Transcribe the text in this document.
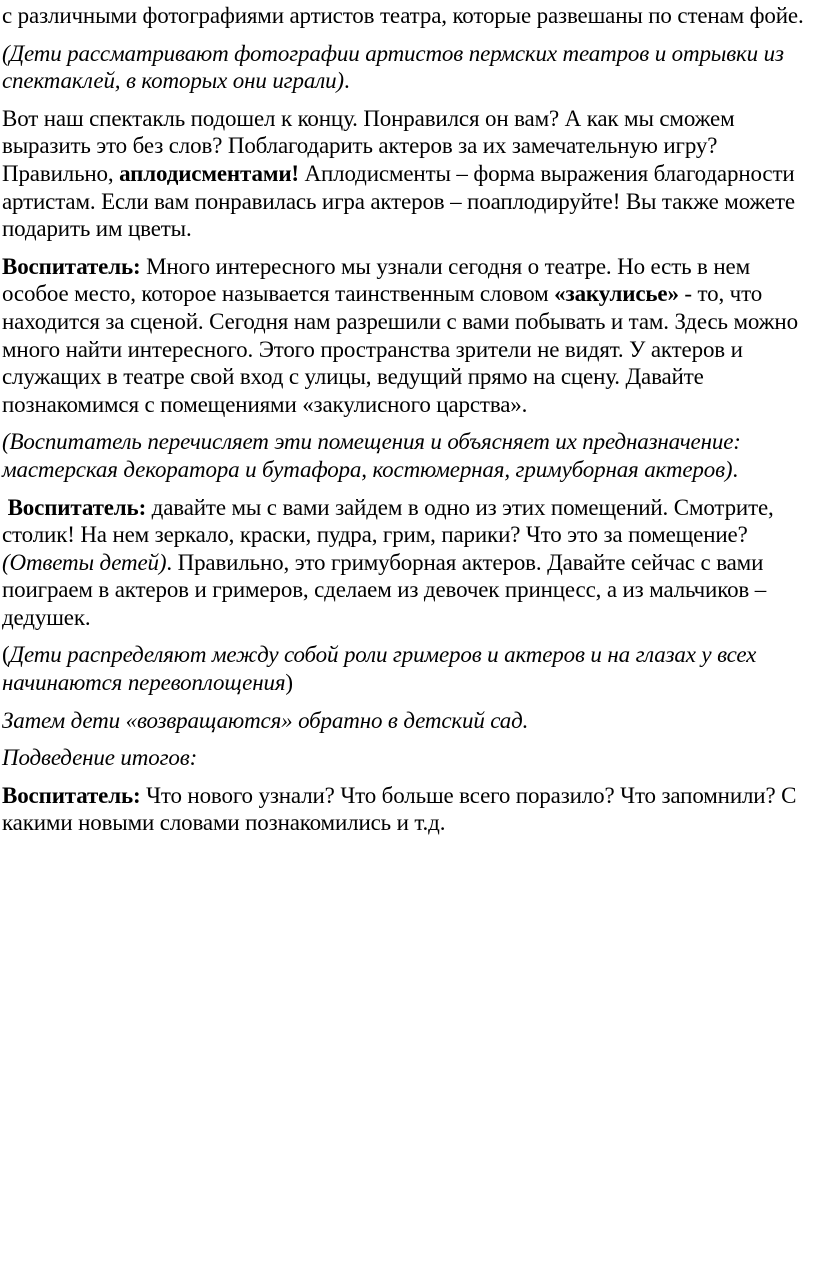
с различными фотографиями артистов театра, которые развешаны по стенам фойе.

(Дети рассматривают фотографии артистов пермских театров и отрывки из спектаклей, в которых они играли).

Вот наш спектакль подошел к концу. Понравился он вам? А как мы сможем выразить это без слов? Поблагодарить актеров за их замечательную игру? Правильно, аплодисментами! Аплодисменты – форма выражения благодарности артистам. Если вам понравилась игра актеров – поаплодируйте! Вы также можете подарить им цветы.

Воспитатель: Много интересного мы узнали сегодня о театре. Но есть в нем особое место, которое называется таинственным словом «закулисье» - то, что находится за сценой. Сегодня нам разрешили с вами побывать и там. Здесь можно много найти интересного. Этого пространства зрители не видят. У актеров и служащих в театре свой вход с улицы, ведущий прямо на сцену. Давайте познакомимся с помещениями «закулисного царства».

(Воспитатель перечисляет эти помещения и объясняет их предназначение: мастерская декоратора и бутафора, костюмерная, гримуборная актеров).

Воспитатель: давайте мы с вами зайдем в одно из этих помещений. Смотрите, столик! На нем зеркало, краски, пудра, грим, парики? Что это за помещение? (Ответы детей). Правильно, это гримуборная актеров. Давайте сейчас с вами поиграем в актеров и гримеров, сделаем из девочек принцесс, а из мальчиков – дедушек.

(Дети распределяют между собой роли гримеров и актеров и на глазах у всех начинаются перевоплощения)

Затем дети «возвращаются» обратно в детский сад.

Подведение итогов:

Воспитатель: Что нового узнали? Что больше всего поразило? Что запомнили? С какими новыми словами познакомились и т.д.
